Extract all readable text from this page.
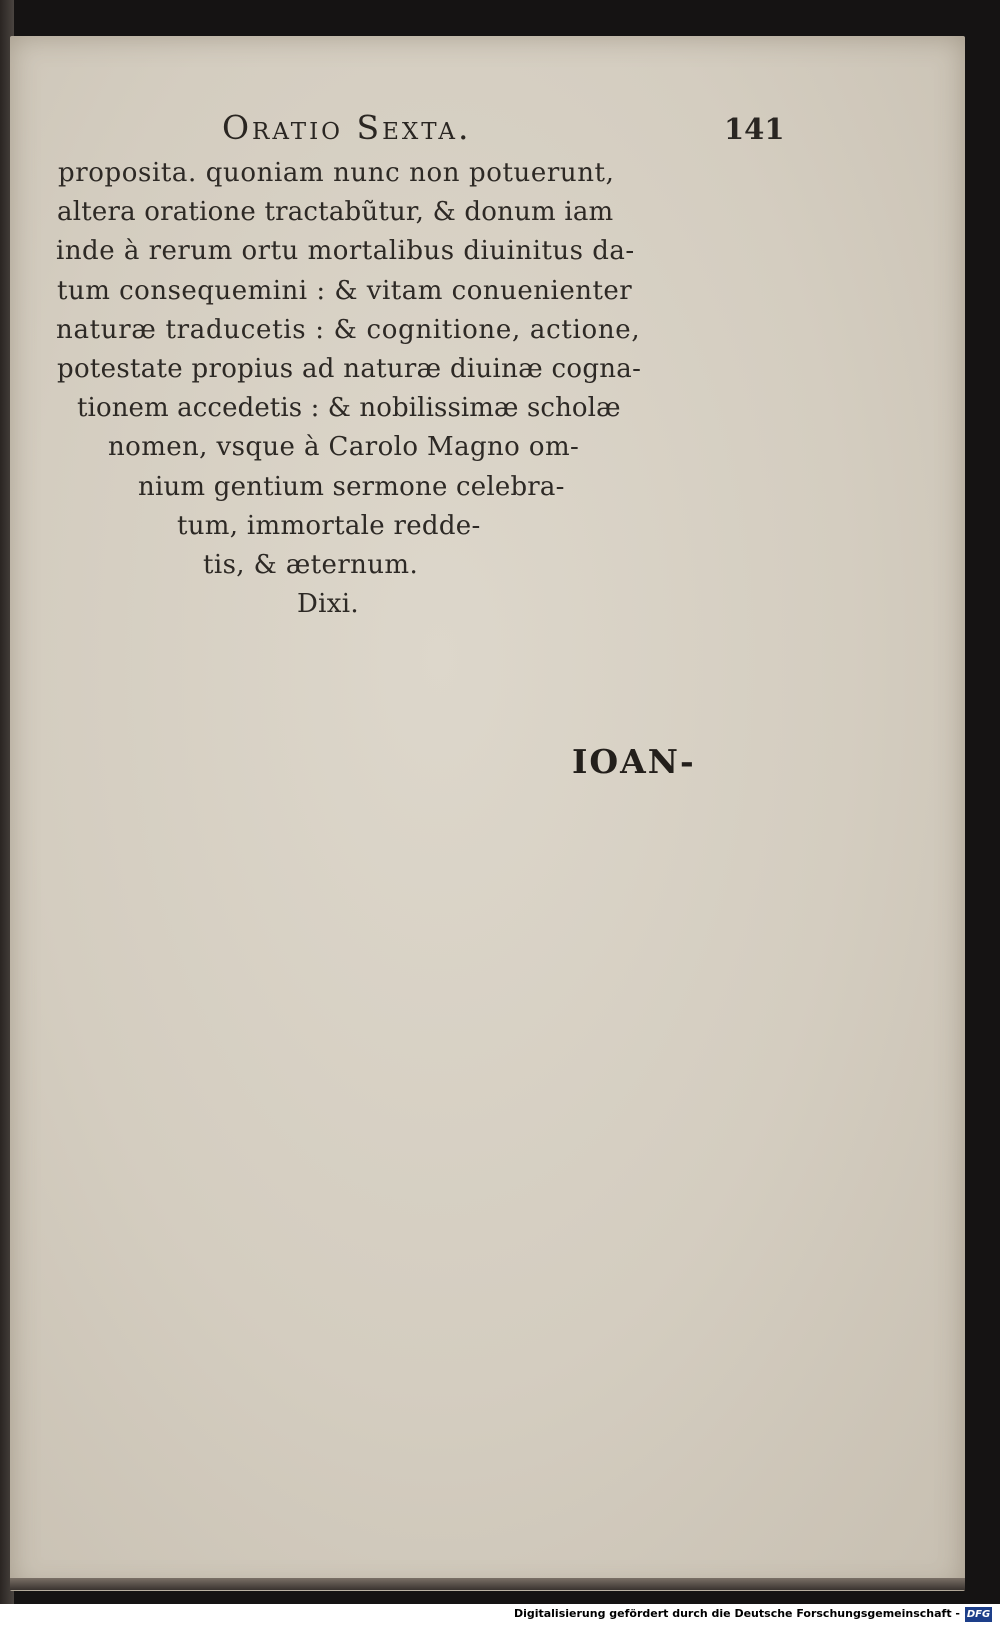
Oratio Sexta.	141
proposita. quoniam nunc non potuerunt,
altera oratione tractabũtur, & donum iam
inde à rerum ortu mortalibus diuinitus da-
tum consequemini : & vitam conuenienter
naturæ traducetis : & cognitione, actione,
potestate propius ad naturæ diuinæ cogna-
tionem accedetis : & nobilissimæ scholæ
nomen, vsque à Carolo Magno om-
nium gentium sermone celebra-
tum, immortale redde-
tis, & æternum.
Dixi.
IOAN-
Digitalisierung gefördert durch die Deutsche Forschungsgemeinschaft - DFG
